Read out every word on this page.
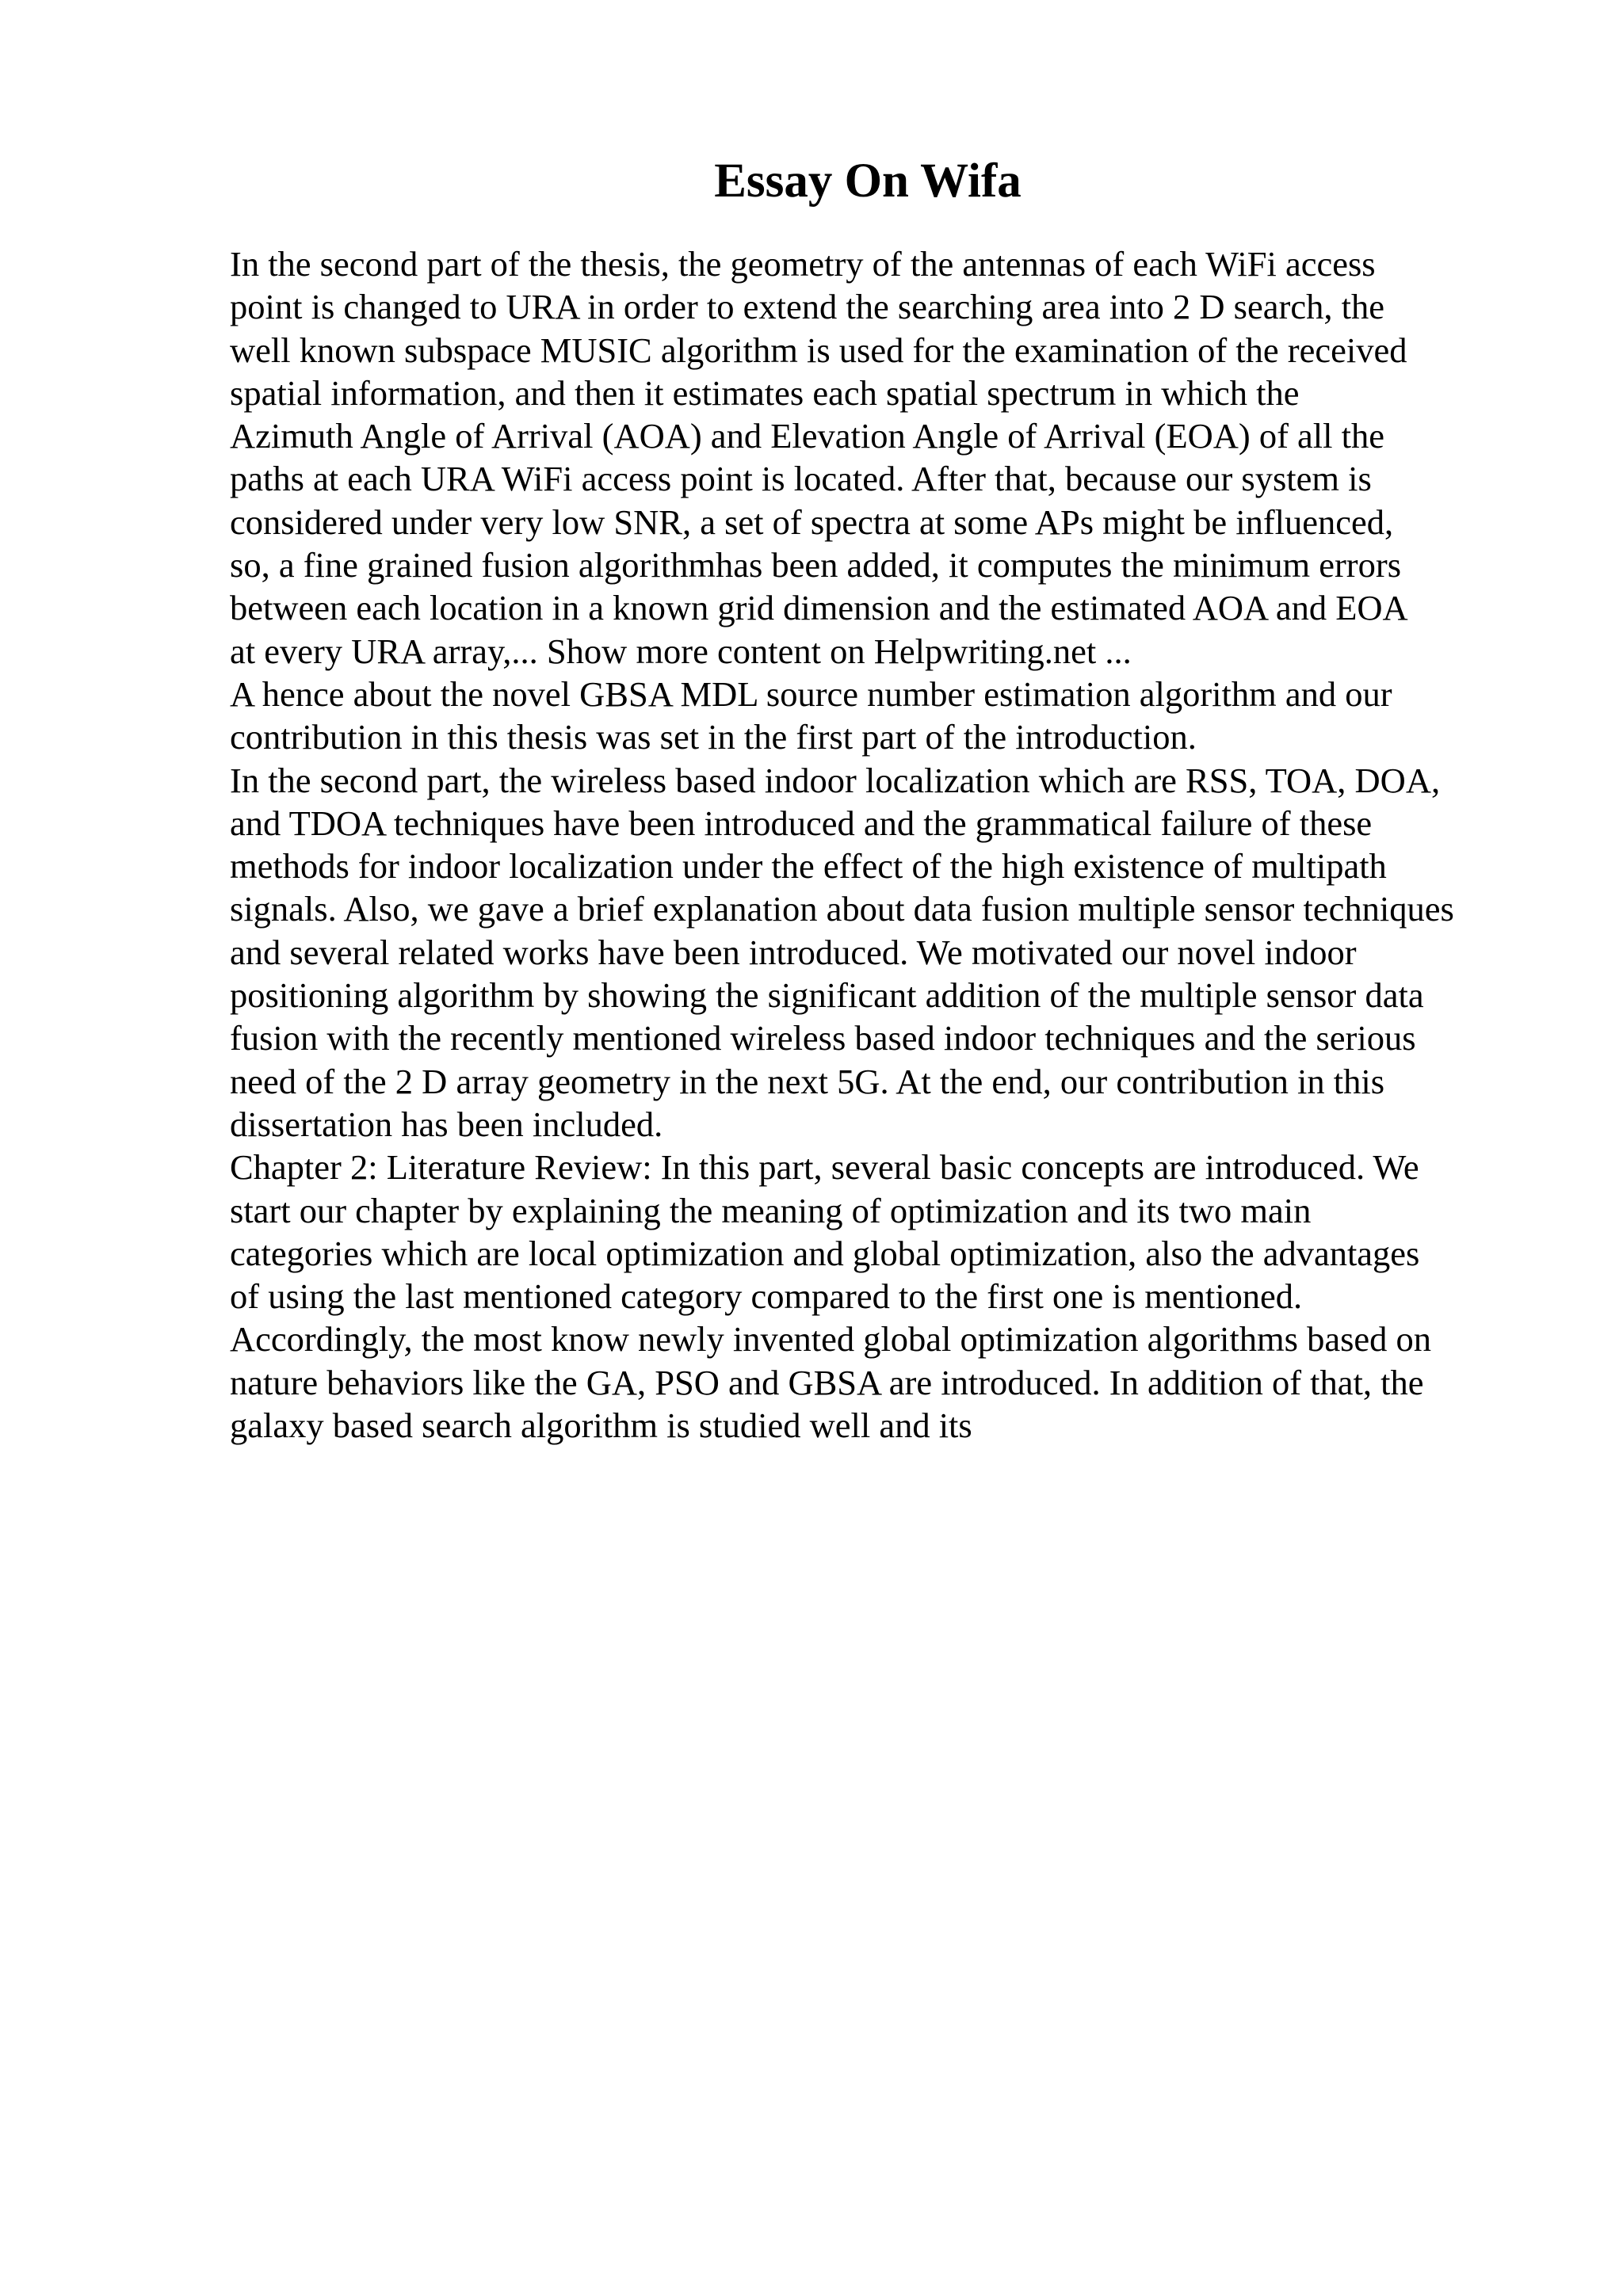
Essay On Wifa

In the second part of the thesis, the geometry of the antennas of each WiFi access
point is changed to URA in order to extend the searching area into 2 D search, the
well known subspace MUSIC algorithm is used for the examination of the received
spatial information, and then it estimates each spatial spectrum in which the
Azimuth Angle of Arrival (AOA) and Elevation Angle of Arrival (EOA) of all the
paths at each URA WiFi access point is located. After that, because our system is
considered under very low SNR, a set of spectra at some APs might be influenced,
so, a fine grained fusion algorithmhas been added, it computes the minimum errors
between each location in a known grid dimension and the estimated AOA and EOA
at every URA array,... Show more content on Helpwriting.net ...

A hence about the novel GBSA MDL source number estimation algorithm and our
contribution in this thesis was set in the first part of the introduction.

In the second part, the wireless based indoor localization which are RSS, TOA, DOA,
and TDOA techniques have been introduced and the grammatical failure of these
methods for indoor localization under the effect of the high existence of multipath
signals. Also, we gave a brief explanation about data fusion multiple sensor techniques
and several related works have been introduced. We motivated our novel indoor
positioning algorithm by showing the significant addition of the multiple sensor data
fusion with the recently mentioned wireless based indoor techniques and the serious
need of the 2 D array geometry in the next 5G. At the end, our contribution in this
dissertation has been included.

Chapter 2: Literature Review: In this part, several basic concepts are introduced. We
start our chapter by explaining the meaning of optimization and its two main
categories which are local optimization and global optimization, also the advantages
of using the last mentioned category compared to the first one is mentioned.
Accordingly, the most know newly invented global optimization algorithms based on
nature behaviors like the GA, PSO and GBSA are introduced. In addition of that, the
galaxy based search algorithm is studied well and its
